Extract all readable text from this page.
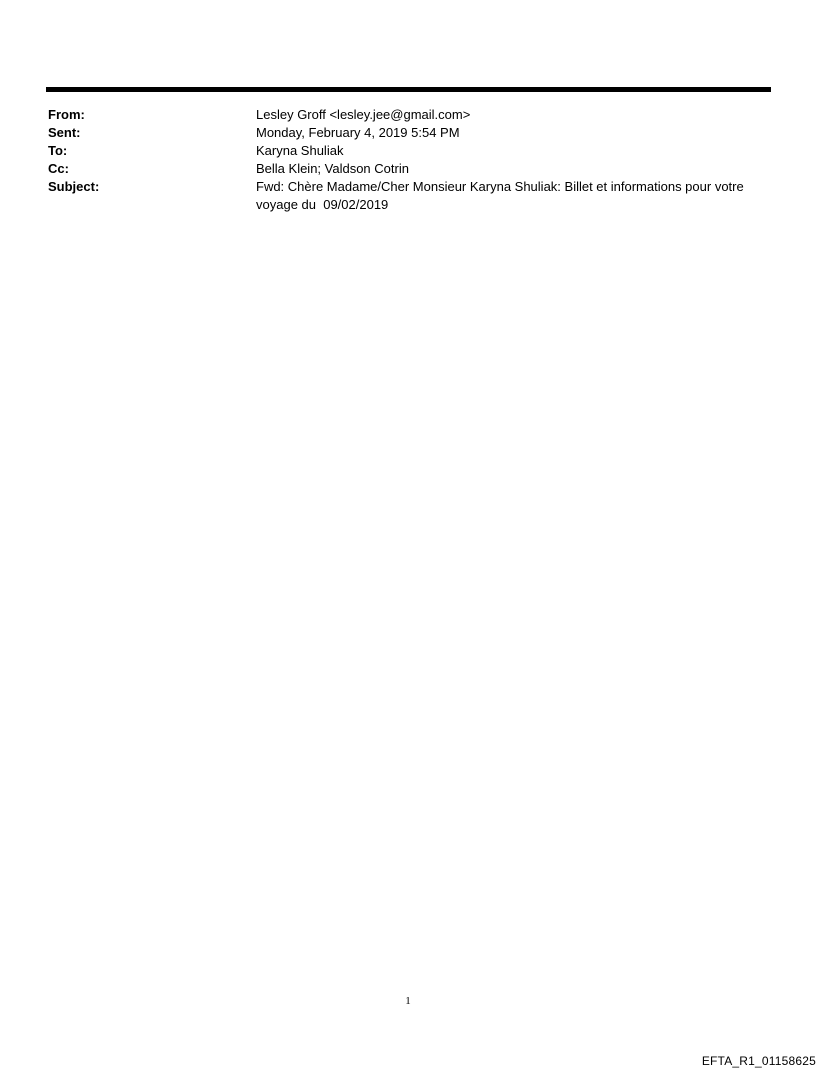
From:	Lesley Groff <lesley.jee@gmail.com>
Sent:	Monday, February 4, 2019 5:54 PM
To:	Karyna Shuliak
Cc:	Bella Klein; Valdson Cotrin
Subject:	Fwd: Chère Madame/Cher Monsieur Karyna Shuliak: Billet et informations pour votre voyage du  09/02/2019
1
EFTA_R1_01158625
